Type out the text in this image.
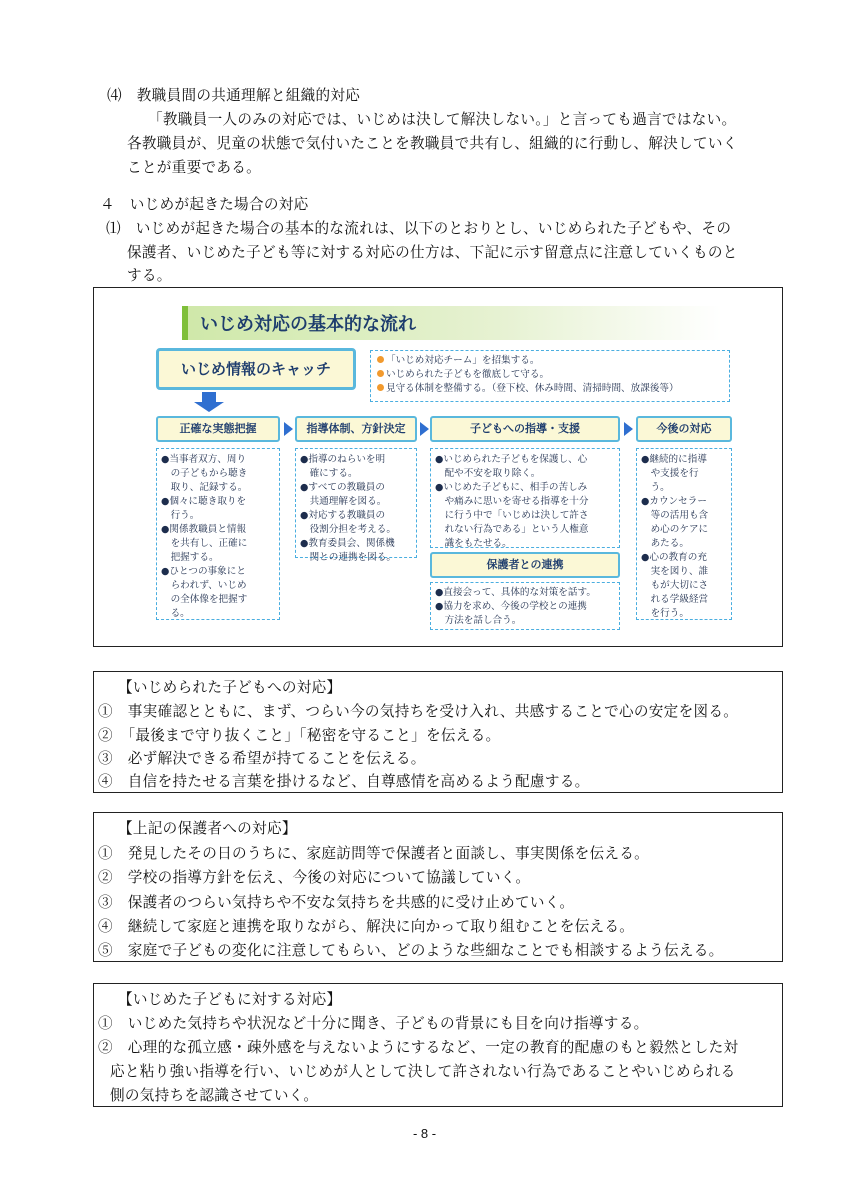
⑷　教職員間の共通理解と組織的対応
「教職員一人のみの対応では、いじめは決して解決しない。」と言っても過言ではない。
各教職員が、児童の状態で気付いたことを教職員で共有し、組織的に行動し、解決していく
ことが重要である。
４　いじめが起きた場合の対応
⑴　いじめが起きた場合の基本的な流れは、以下のとおりとし、いじめられた子どもや、その
保護者、いじめた子ども等に対する対応の仕方は、下記に示す留意点に注意していくものと
する。
いじめ対応の基本的な流れ
いじめ情報のキャッチ	「いじめ対応チーム」を招集する。
いじめられた子どもを徹底して守る。
見守る体制を整備する。（登下校、休み時間、清掃時間、放課後等）
正確な実態把握	指導体制、方針決定	子どもへの指導・支援	今後の対応
●当事者双方、周り
　の子どもから聴き
　取り、記録する。
●個々に聴き取りを
　行う。
●関係教職員と情報
　を共有し、正確に
　把握する。
●ひとつの事象にと
　らわれず、いじめ
　の全体像を把握す
　る。
●指導のねらいを明
　確にする。
●すべての教職員の
　共通理解を図る。
●対応する教職員の
　役割分担を考える。
●教育委員会、関係機
　関との連携を図る。
●いじめられた子どもを保護し、心
　配や不安を取り除く。
●いじめた子どもに、相手の苦しみ
　や痛みに思いを寄せる指導を十分
　に行う中で「いじめは決して許さ
　れない行為である」という人権意
　識をもたせる。
保護者との連携
●直接会って、具体的な対策を話す。
●協力を求め、今後の学校との連携
　方法を話し合う。
●継続的に指導
　や支援を行
　う。
●カウンセラー
　等の活用も含
　め心のケアに
　あたる。
●心の教育の充
　実を図り、誰
　もが大切にさ
　れる学級経営
　を行う。
【いじめられた子どもへの対応】
①　事実確認とともに、まず、つらい今の気持ちを受け入れ、共感することで心の安定を図る。
②　「最後まで守り抜くこと」「秘密を守ること」を伝える。
③　必ず解決できる希望が持てることを伝える。
④　自信を持たせる言葉を掛けるなど、自尊感情を高めるよう配慮する。
【上記の保護者への対応】
①　発見したその日のうちに、家庭訪問等で保護者と面談し、事実関係を伝える。
②　学校の指導方針を伝え、今後の対応について協議していく。
③　保護者のつらい気持ちや不安な気持ちを共感的に受け止めていく。
④　継続して家庭と連携を取りながら、解決に向かって取り組むことを伝える。
⑤　家庭で子どもの変化に注意してもらい、どのような些細なことでも相談するよう伝える。
【いじめた子どもに対する対応】
①　いじめた気持ちや状況など十分に聞き、子どもの背景にも目を向け指導する。
②　心理的な孤立感・疎外感を与えないようにするなど、一定の教育的配慮のもと毅然とした対
応と粘り強い指導を行い、いじめが人として決して許されない行為であることやいじめられる
側の気持ちを認識させていく。
- 8 -
